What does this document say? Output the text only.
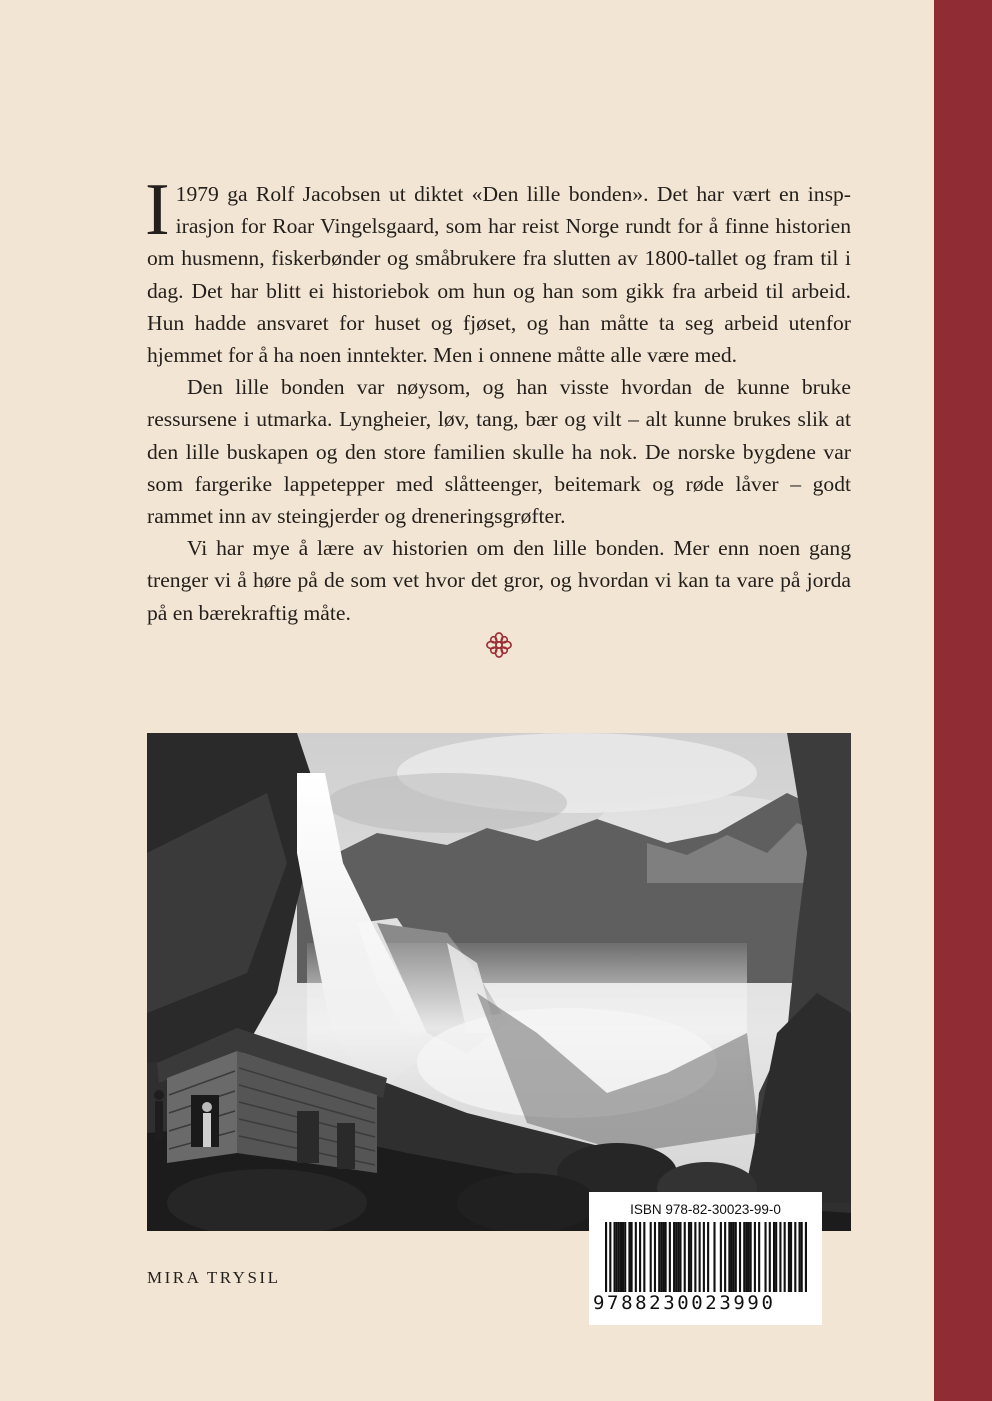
I 1979 ga Rolf Jacobsen ut diktet «Den lille bonden». Det har vært en inspirasjon for Roar Vingelsgaard, som har reist Norge rundt for å finne historien om husmenn, fiskerbønder og småbrukere fra slutten av 1800-tallet og fram til i dag. Det har blitt ei historiebok om hun og han som gikk fra arbeid til arbeid. Hun hadde ansvaret for huset og fjøset, og han måtte ta seg arbeid utenfor hjemmet for å ha noen inntekter. Men i onnene måtte alle være med.

Den lille bonden var nøysom, og han visste hvordan de kunne bruke ressursene i utmarka. Lyngheier, løv, tang, bær og vilt – alt kunne brukes slik at den lille buskapen og den store familien skulle ha nok. De norske bygdene var som fargerike lappetepper med slåtteenger, beitemark og røde låver – godt rammet inn av steingjerder og dreneringsgrøfter.

Vi har mye å lære av historien om den lille bonden. Mer enn noen gang trenger vi å høre på de som vet hvor det gror, og hvordan vi kan ta vare på jorda på en bærekraftig måte.

MIRA TRYSIL
ISBN 978-82-30023-99-0
9788230023990
